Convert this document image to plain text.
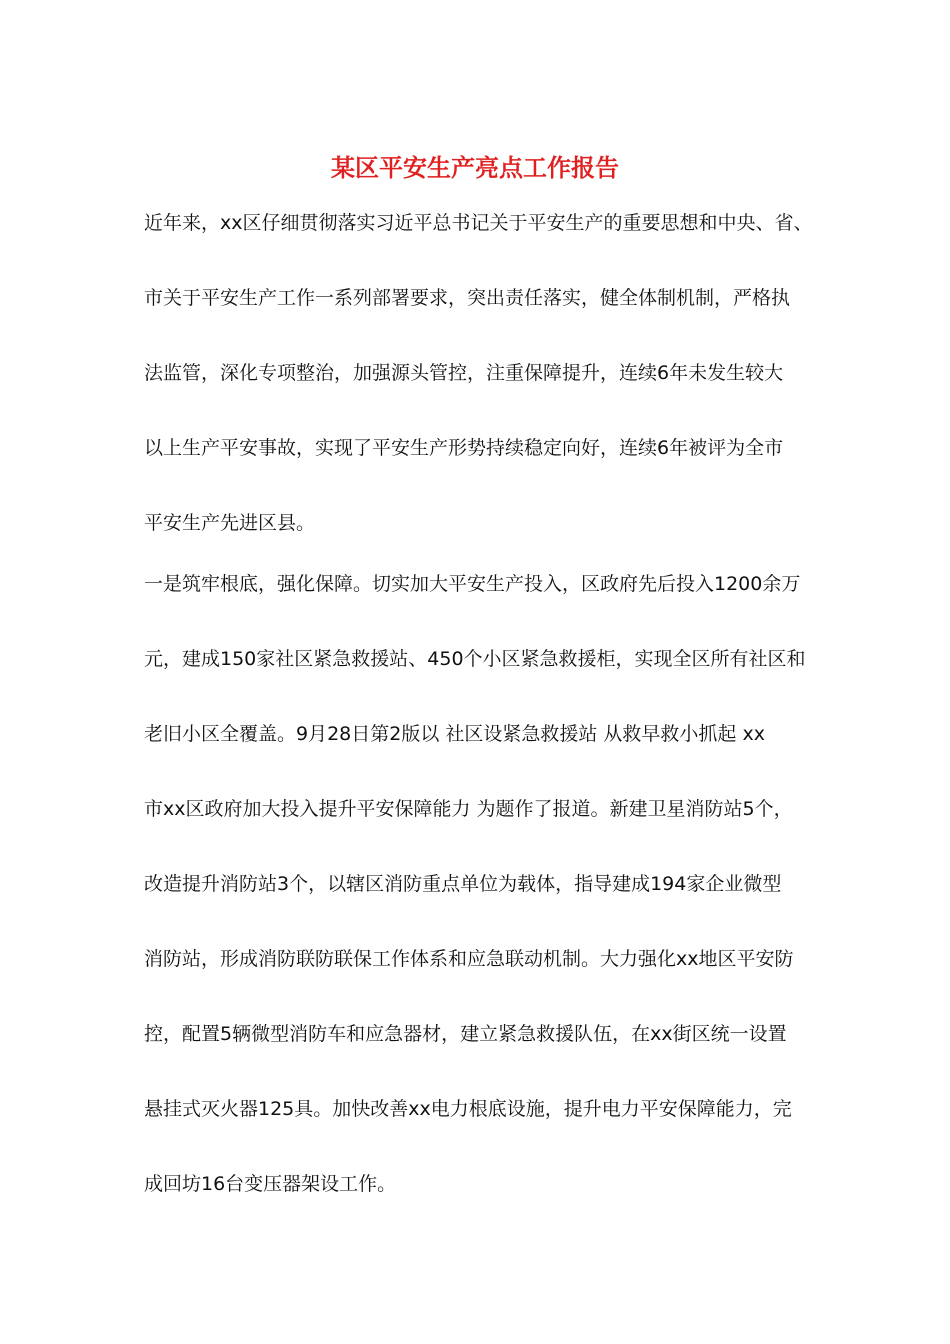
某区平安生产亮点工作报告

近年来，xx区仔细贯彻落实习近平总书记关于平安生产的重要思想和中央、省、

市关于平安生产工作一系列部署要求，突出责任落实，健全体制机制，严格执

法监管，深化专项整治，加强源头管控，注重保障提升，连续6年未发生较大

以上生产平安事故，实现了平安生产形势持续稳定向好，连续6年被评为全市

平安生产先进区县。

一是筑牢根底，强化保障。切实加大平安生产投入，区政府先后投入1200余万

元，建成150家社区紧急救援站、450个小区紧急救援柜，实现全区所有社区和

老旧小区全覆盖。9月28日第2版以 社区设紧急救援站 从救早救小抓起 xx

市xx区政府加大投入提升平安保障能力 为题作了报道。新建卫星消防站5个，

改造提升消防站3个，以辖区消防重点单位为载体，指导建成194家企业微型

消防站，形成消防联防联保工作体系和应急联动机制。大力强化xx地区平安防

控，配置5辆微型消防车和应急器材，建立紧急救援队伍，在xx街区统一设置

悬挂式灭火器125具。加快改善xx电力根底设施，提升电力平安保障能力，完

成回坊16台变压器架设工作。
